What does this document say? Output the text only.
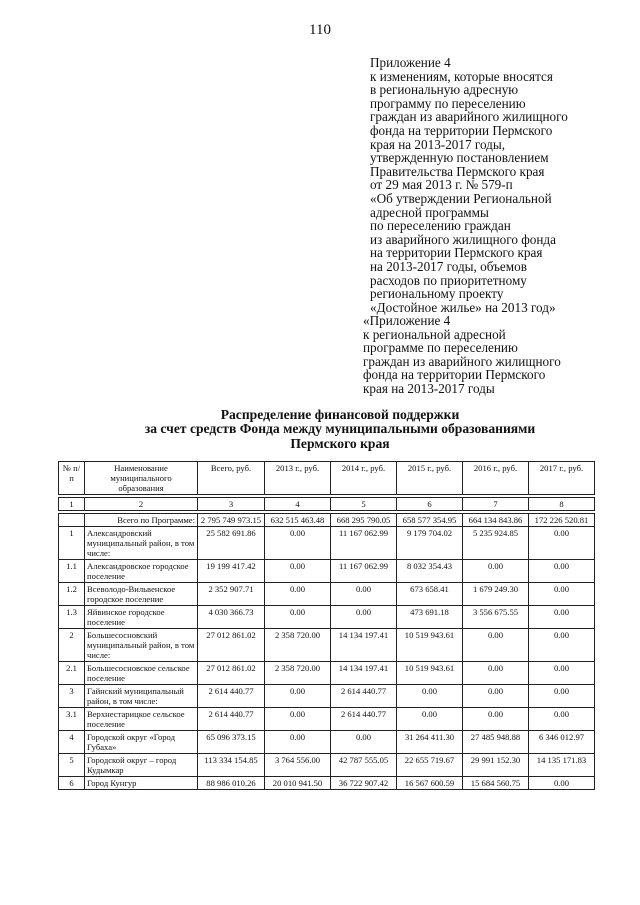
110
Приложение 4
к изменениям, которые вносятся
в региональную адресную
программу по переселению
граждан из аварийного жилищного
фонда на территории Пермского
края на 2013-2017 годы,
утвержденную постановлением
Правительства Пермского края
от 29 мая 2013 г. № 579-п
«Об утверждении Региональной
адресной программы
по переселению граждан
из аварийного жилищного фонда
на территории Пермского края
на 2013-2017 годы, объемов
расходов по приоритетному
региональному проекту
«Достойное жилье» на 2013 год»
«Приложение 4
к региональной адресной
программе по переселению
граждан из аварийного жилищного
фонда на территории Пермского
края на 2013-2017 годы
Распределение финансовой поддержки
за счет средств Фонда между муниципальными образованиями
Пермского края
№ п/п	Наименование муниципального образования	Всего, руб.	2013 г., руб.	2014 г., руб.	2015 г., руб.	2016 г., руб.	2017 г., руб.

1	2	3	4	5	6	7	8

	Всего по Программе:	2 795 749 973.15	632 515 463.48	668 295 790.05	658 577 354.95	664 134 843.86	172 226 520.81
1	Александровский муниципальный район, в том числе:	25 582 691.86	0.00	11 167 062.99	9 179 704.02	5 235 924.85	0.00
1.1	Александровское городское поселение	19 199 417.42	0.00	11 167 062.99	8 032 354.43	0.00	0.00
1.2	Всеволодо-Вильвенское городское поселение	2 352 907.71	0.00	0.00	673 658.41	1 679 249.30	0.00
1.3	Яйвинское городское поселение	4 030 366.73	0.00	0.00	473 691.18	3 556 675.55	0.00
2	Большесосновский муниципальный район, в том числе:	27 012 861.02	2 358 720.00	14 134 197.41	10 519 943.61	0.00	0.00
2.1	Большесосновское сельское поселение	27 012 861.02	2 358 720.00	14 134 197.41	10 519 943.61	0.00	0.00
3	Гайнский муниципальный район, в том числе:	2 614 440.77	0.00	2 614 440.77	0.00	0.00	0.00
3.1	Верхнестарицкое сельское поселение	2 614 440.77	0.00	2 614 440.77	0.00	0.00	0.00
4	Городской округ «Город Губаха»	65 096 373.15	0.00	0.00	31 264 411.30	27 485 948.88	6 346 012.97
5	Городской округ – город Кудымкар	113 334 154.85	3 764 556.00	42 787 555.05	22 655 719.67	29 991 152.30	14 135 171.83
6	Город Кунгур	88 986 010.26	20 010 941.50	36 722 907.42	16 567 600.59	15 684 560.75	0.00
